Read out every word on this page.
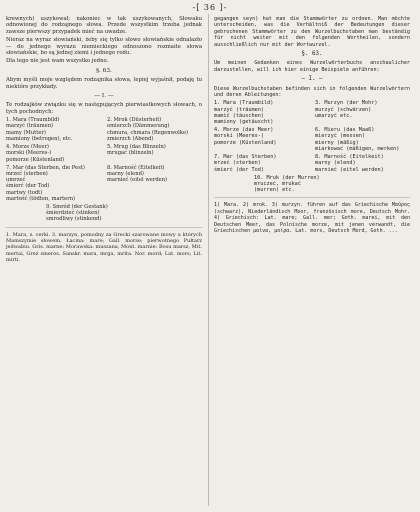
-[ 36 ]-

krewnych) uszykował; nakoniec w tak uszykowanych, Słowaku odnowionej do rodzajnego słowa. Przede wszystkim trzeba jednak zawsze pierwszy przypadek mieć na uwadze.

Nieraz na wyraz słowiański, żeby się tylko słowo słowiańskie odnalazło — do jednego wyrazu niemieckiego odnoszono rozmaite słowa słowiańskie, bo są jednej ziemi i jednego rodu.

Dla tego nie jest wam wszystko jedno.

§. 63.

Abym myśli moje względem rodzajnika słowa, lepiej wyjaśnił, podaję tu niektóre przykłady.

— I. —

Te rodzajków związku się w następujących pierwiastkowych słowach, o tych pochodnych:

1. Mara (Traumbild)
marzyć (träumen)
mamy (Mutter)
mamiony (betrogen), etc.
2. Mrok (Düsterheit)
omierzch (Dämmerung)
chmura, chmara (Regenwolke)
zmierzch (Abend)
4. Morze (Meer)
morski (Meeres-)
pomorze (Küstenland)
5. Mrug (das Blinzeln)
mrugać (blinzeln)
7. Mar (das Sterben, die Pest)
mrzeć (sterben)
umrzeć
śmierć (der Tod)
martwy (todt)
martwić (tödten, martern)
8. Marność (Eitelkeit)
marny (elend)
marnieć (eitel werden)
9. Smród (der Gestank)
śmierdzieć (stinken)
smrodliwy (stinkend)

1. Mara, z. cerki. 3. marzyn, pomodny za Grecki szarowane mowy u których Mamszymie słowem. Łacina: mare; Gall. morse; pierwotnego Pułtarz jedwabiu. Gris. marne: Morawska: muszana, Mont. marnie: Bosu marsz, Mit. mertai, Greż smeros. Sanskr. mara, mrga, mrita. Nor. mord; Lat. mors; Lit. mirti.

gegangen seyn) hat man die Stammwörter zu ordnen. Man möchte unterscheiden, was die Verhältniß der Bedeutungen dieser gebrochenen Stammwörter zu den Wurzelbuchstaben man beständig für nicht weiter mit den folgenden Wortheilen, sondern ausschließlich nur mit der Wortwurzel.

§. 63.

Um meinen Gedanken eines Wurzelwörterbuchs anschaulicher darzustellen, will ich hier einige Beispiele anführen:

— I. —

Diese Wurzelbuchstaben befinden sich in folgenden Wurzelwörtern und deren Ableitungen:

1. Mara (Traumbild)
marzyć (träumen)
mamić (täuschen)
mamiony (getäuscht)
3. Murzyn (der Mohr)
murzyć (schwärzen)
umarzyć etc.
4. Morze (das Meer)
morski (Meeres-)
pomorze (Küstenland)
6. Mieru (das Maaß)
mierzyć (messen)
mierny (mäßig)
miarkować (mäßigen, merken)
7. Mar (das Sterben)
mrzeć (sterben)
śmierć (der Tod)
8. Marność (Eitelkeit)
marny (elend)
marnieć (eitel werden)
10. Mruk (der Murren)
mruczeć, mrukać
(murren) etc.

1) Mara. 2) mrok. 3) murzyn. führen auf das Griechische Μαύρος (schwarz), Niederländisch Moor, französisch more, Deutsch Mohr. 4) Griechisch: Lat. mare; Gall. mer; Goth. marei, mit den Deutschen Meer, das Polnische morze, mit jenen verwandt, die Griechischen μαίνα, μοίρα. Lat. mors, Deutsch Mord, Goth. ...
